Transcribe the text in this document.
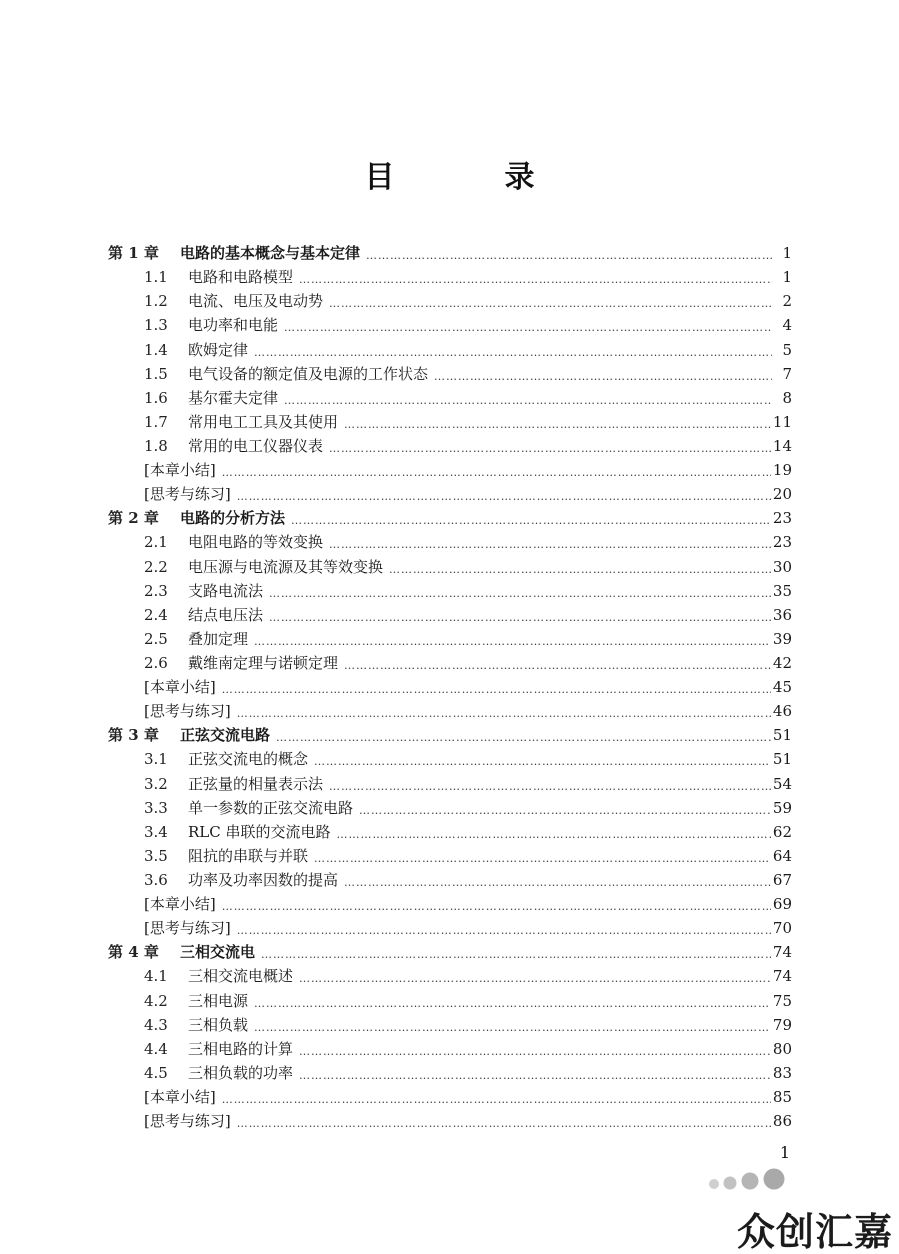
目　录
第 1 章	电路的基本概念与基本定律 ……………………………………………………………………………………………………………………………………………………………………………	1
1.1	电路和电路模型 ……………………………………………………………………………………………………………………………………………………………………………	1
1.2	电流、电压及电动势 ……………………………………………………………………………………………………………………………………………………………………………	2
1.3	电功率和电能 ……………………………………………………………………………………………………………………………………………………………………………	4
1.4	欧姆定律 ……………………………………………………………………………………………………………………………………………………………………………	5
1.5	电气设备的额定值及电源的工作状态 ……………………………………………………………………………………………………………………………………………………………………………	7
1.6	基尔霍夫定律 ……………………………………………………………………………………………………………………………………………………………………………	8
1.7	常用电工工具及其使用 ……………………………………………………………………………………………………………………………………………………………………………	11
1.8	常用的电工仪器仪表 ……………………………………………………………………………………………………………………………………………………………………………	14
[本章小结] ……………………………………………………………………………………………………………………………………………………………………………	19
[思考与练习] ……………………………………………………………………………………………………………………………………………………………………………	20
第 2 章	电路的分析方法 ……………………………………………………………………………………………………………………………………………………………………………	23
2.1	电阻电路的等效变换 ……………………………………………………………………………………………………………………………………………………………………………	23
2.2	电压源与电流源及其等效变换 ……………………………………………………………………………………………………………………………………………………………………………	30
2.3	支路电流法 ……………………………………………………………………………………………………………………………………………………………………………	35
2.4	结点电压法 ……………………………………………………………………………………………………………………………………………………………………………	36
2.5	叠加定理 ……………………………………………………………………………………………………………………………………………………………………………	39
2.6	戴维南定理与诺顿定理 ……………………………………………………………………………………………………………………………………………………………………………	42
[本章小结] ……………………………………………………………………………………………………………………………………………………………………………	45
[思考与练习] ……………………………………………………………………………………………………………………………………………………………………………	46
第 3 章	正弦交流电路 ……………………………………………………………………………………………………………………………………………………………………………	51
3.1	正弦交流电的概念 ……………………………………………………………………………………………………………………………………………………………………………	51
3.2	正弦量的相量表示法 ……………………………………………………………………………………………………………………………………………………………………………	54
3.3	单一参数的正弦交流电路 ……………………………………………………………………………………………………………………………………………………………………………	59
3.4	RLC 串联的交流电路 ……………………………………………………………………………………………………………………………………………………………………………	62
3.5	阻抗的串联与并联 ……………………………………………………………………………………………………………………………………………………………………………	64
3.6	功率及功率因数的提高 ……………………………………………………………………………………………………………………………………………………………………………	67
[本章小结] ……………………………………………………………………………………………………………………………………………………………………………	69
[思考与练习] ……………………………………………………………………………………………………………………………………………………………………………	70
第 4 章	三相交流电 ……………………………………………………………………………………………………………………………………………………………………………	74
4.1	三相交流电概述 ……………………………………………………………………………………………………………………………………………………………………………	74
4.2	三相电源 ……………………………………………………………………………………………………………………………………………………………………………	75
4.3	三相负载 ……………………………………………………………………………………………………………………………………………………………………………	79
4.4	三相电路的计算 ……………………………………………………………………………………………………………………………………………………………………………	80
4.5	三相负载的功率 ……………………………………………………………………………………………………………………………………………………………………………	83
[本章小结] ……………………………………………………………………………………………………………………………………………………………………………	85
[思考与练习] ……………………………………………………………………………………………………………………………………………………………………………	86
1
众创汇嘉
